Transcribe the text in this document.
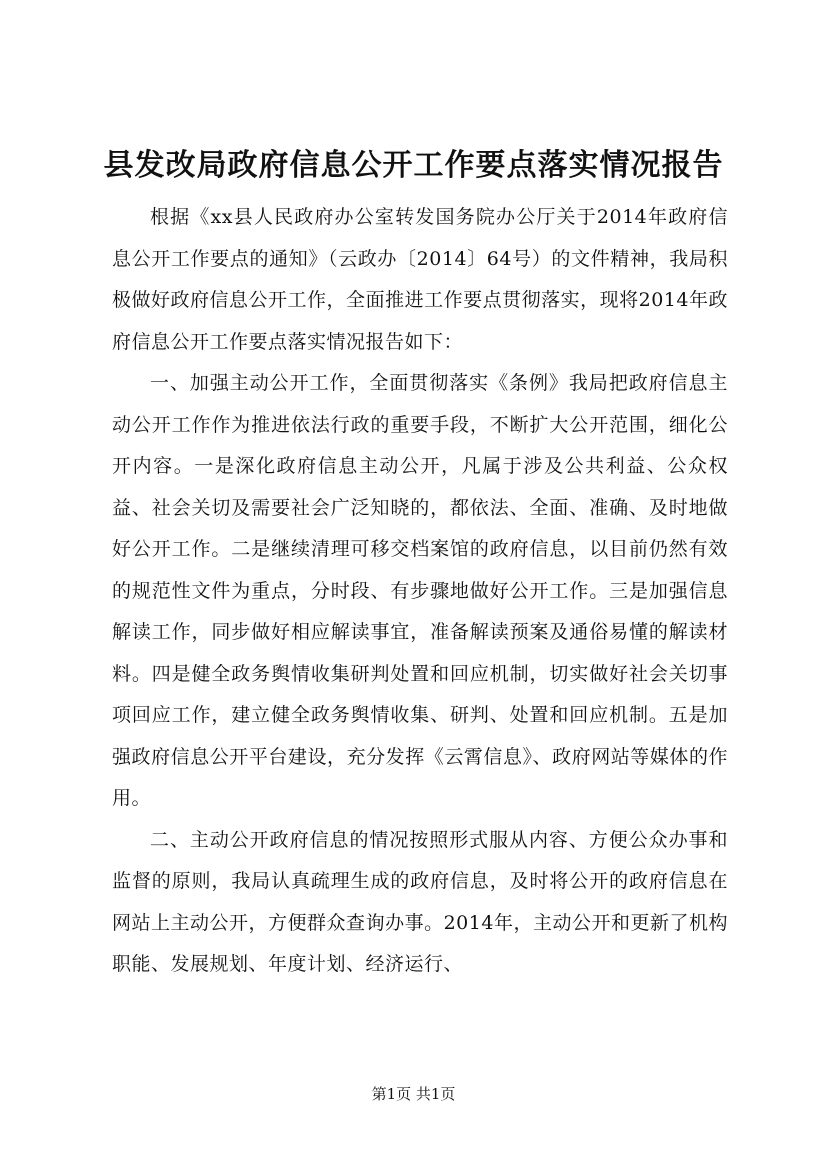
县发改局政府信息公开工作要点落实情况报告

根据《xx县人民政府办公室转发国务院办公厅关于2014年政府信息公开工作要点的通知》（云政办〔2014〕64号）的文件精神，我局积极做好政府信息公开工作，全面推进工作要点贯彻落实，现将2014年政府信息公开工作要点落实情况报告如下：

一、加强主动公开工作，全面贯彻落实《条例》我局把政府信息主动公开工作作为推进依法行政的重要手段，不断扩大公开范围，细化公开内容。一是深化政府信息主动公开，凡属于涉及公共利益、公众权益、社会关切及需要社会广泛知晓的，都依法、全面、准确、及时地做好公开工作。二是继续清理可移交档案馆的政府信息，以目前仍然有效的规范性文件为重点，分时段、有步骤地做好公开工作。三是加强信息解读工作，同步做好相应解读事宜，准备解读预案及通俗易懂的解读材料。四是健全政务舆情收集研判处置和回应机制，切实做好社会关切事项回应工作，建立健全政务舆情收集、研判、处置和回应机制。五是加强政府信息公开平台建设，充分发挥《云霄信息》、政府网站等媒体的作用。

二、主动公开政府信息的情况按照形式服从内容、方便公众办事和监督的原则，我局认真疏理生成的政府信息，及时将公开的政府信息在网站上主动公开，方便群众查询办事。2014年，主动公开和更新了机构职能、发展规划、年度计划、经济运行、

第1页 共1页
